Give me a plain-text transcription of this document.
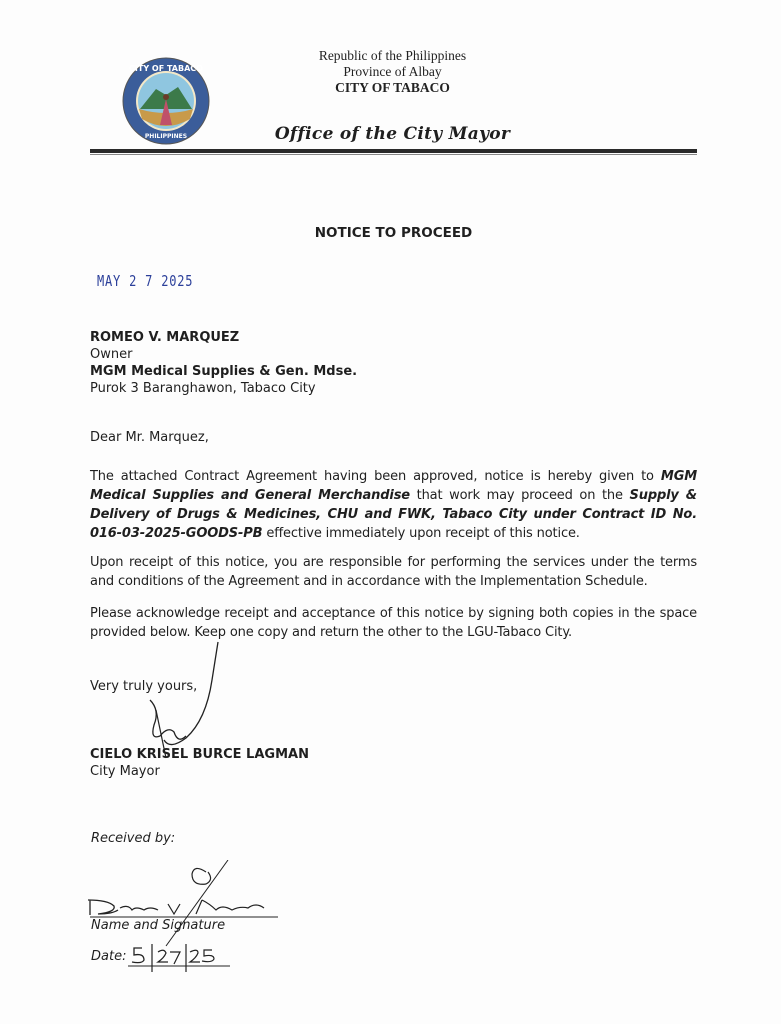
CITY OF TABACO
PHILIPPINES
Republic of the Philippines
Province of Albay
CITY OF TABACO
Office of the City Mayor
NOTICE TO PROCEED
MAY 2 7 2025
ROMEO V. MARQUEZ
Owner
MGM Medical Supplies & Gen. Mdse.
Purok 3 Baranghawon, Tabaco City
Dear Mr. Marquez,
The attached Contract Agreement having been approved, notice is hereby given to MGM Medical Supplies and General Merchandise that work may proceed on the Supply & Delivery of Drugs & Medicines, CHU and FWK, Tabaco City under Contract ID No. 016-03-2025-GOODS-PB effective immediately upon receipt of this notice.
Upon receipt of this notice, you are responsible for performing the services under the terms and conditions of the Agreement and in accordance with the Implementation Schedule.
Please acknowledge receipt and acceptance of this notice by signing both copies in the space provided below. Keep one copy and return the other to the LGU-Tabaco City.
Very truly yours,
CIELO KRISEL BURCE LAGMAN
City Mayor
Received by:
Name and Signature
Date:
